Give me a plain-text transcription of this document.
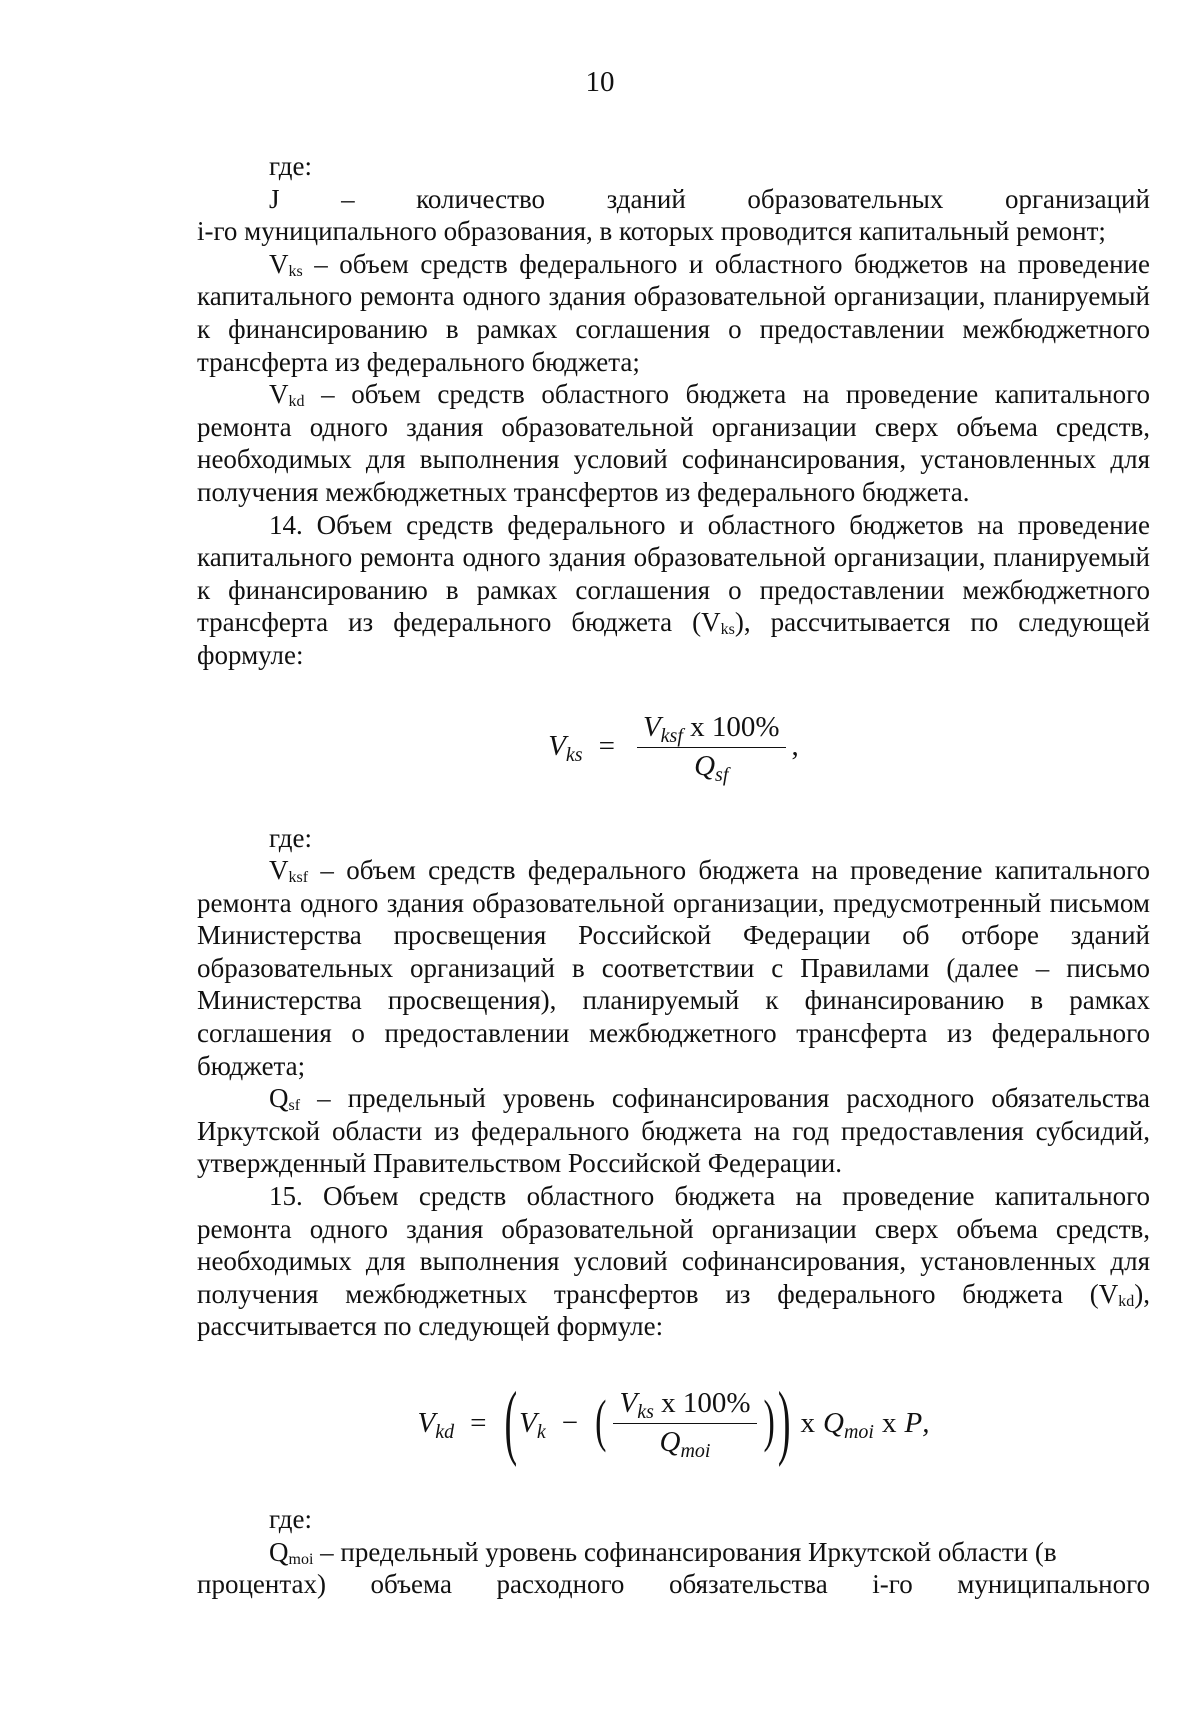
10

где:

J – количество зданий образовательных организаций

i-го муниципального образования, в которых проводится капитальный ремонт;

Vks – объем средств федерального и областного бюджетов на проведение капитального ремонта одного здания образовательной организации, планируемый к финансированию в рамках соглашения о предоставлении межбюджетного трансферта из федерального бюджета;

Vkd – объем средств областного бюджета на проведение капитального ремонта одного здания образовательной организации сверх объема средств, необходимых для выполнения условий софинансирования, установленных для получения межбюджетных трансфертов из федерального бюджета.

14. Объем средств федерального и областного бюджетов на проведение капитального ремонта одного здания образовательной организации, планируемый к финансированию в рамках соглашения о предоставлении межбюджетного трансферта из федерального бюджета (Vks), рассчитывается по следующей формуле:

$V_{ks} = \frac{V_{ksf} x 100\%}{Q_{sf}}$ ,

где:

Vksf – объем средств федерального бюджета на проведение капитального ремонта одного здания образовательной организации, предусмотренный письмом Министерства просвещения Российской Федерации об отборе зданий образовательных организаций в соответствии с Правилами (далее – письмо Министерства просвещения), планируемый к финансированию в рамках соглашения о предоставлении межбюджетного трансферта из федерального бюджета;

Qsf – предельный уровень софинансирования расходного обязательства Иркутской области из федерального бюджета на год предоставления субсидий, утвержденный Правительством Российской Федерации.

15. Объем средств областного бюджета на проведение капитального ремонта одного здания образовательной организации сверх объема средств, необходимых для выполнения условий софинансирования, установленных для получения межбюджетных трансфертов из федерального бюджета (Vkd), рассчитывается по следующей формуле:

$V_{kd}$ = ( $V_k$ − ( $\frac{V_{ks} x 100\%}{Q_{moi}}$ ) ) x $Q_{moi}$ x P ,

где:

Qmoi – предельный уровень софинансирования Иркутской области (в

процентах) объема расходного обязательства i-го муниципального
